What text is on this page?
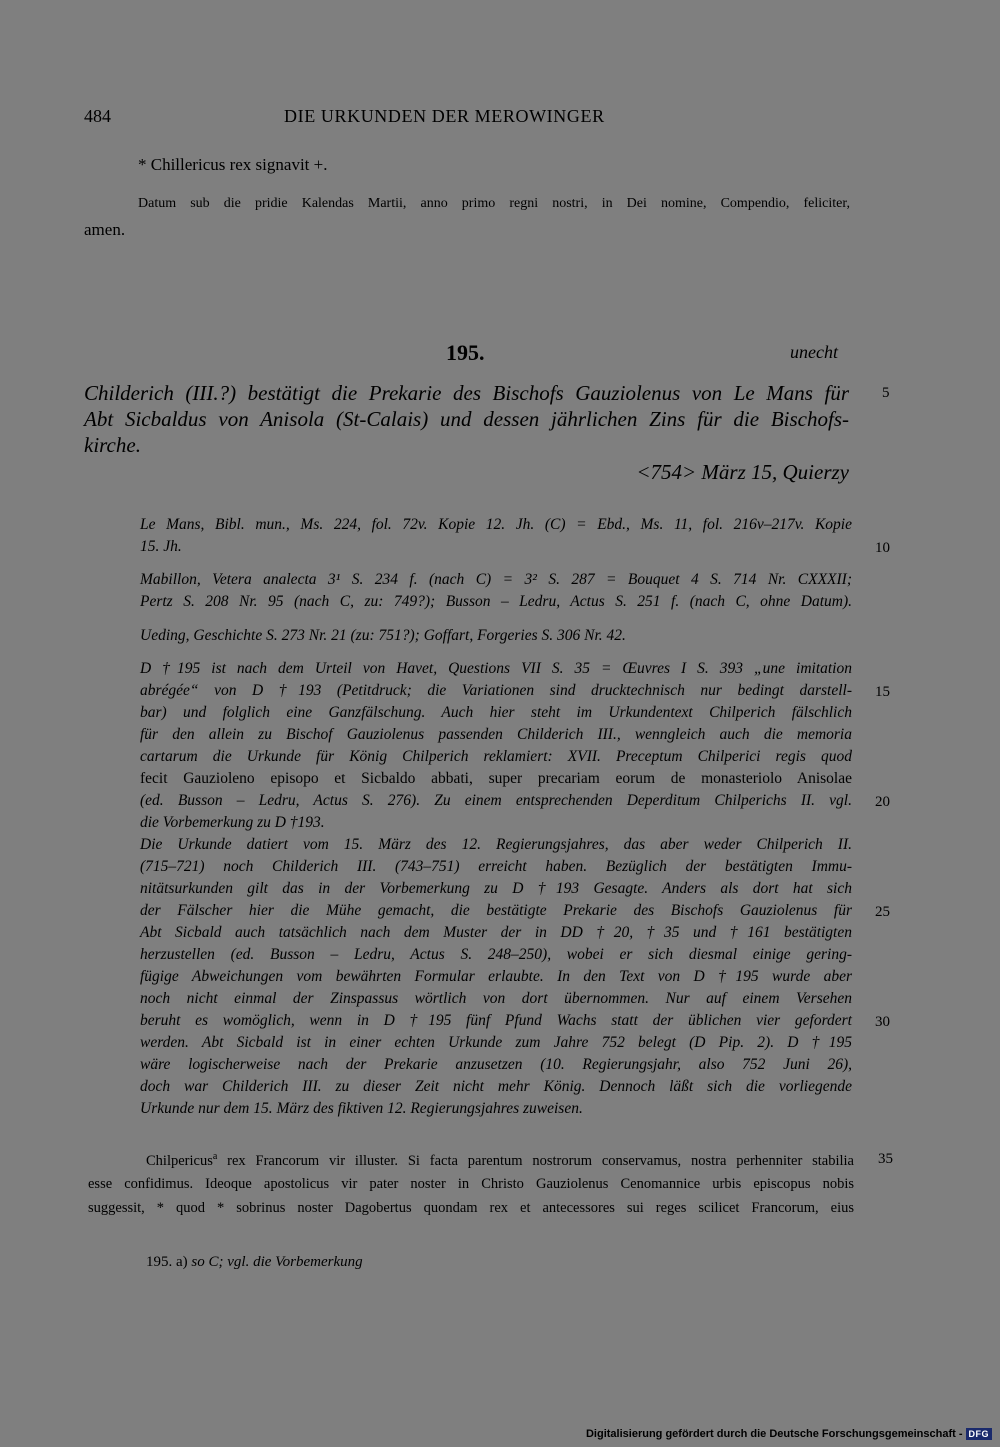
484	DIE URKUNDEN DER MEROWINGER
* Chillericus rex signavit +.
Datum sub die pridie Kalendas Martii, anno primo regni nostri, in Dei nomine, Compendio, feliciter,
amen.
195.	unecht
Childerich (III.?) bestätigt die Prekarie des Bischofs Gauziolenus von Le Mans für
Abt Sicbaldus von Anisola (St-Calais) und dessen jährlichen Zins für die Bischofs-
kirche.
<754> März 15, Quierzy
Le Mans, Bibl. mun., Ms. 224, fol. 72v. Kopie 12. Jh. (C) = Ebd., Ms. 11, fol. 216v–217v. Kopie
15. Jh.
Mabillon, Vetera analecta 3¹ S. 234 f. (nach C) = 3² S. 287 = Bouquet 4 S. 714 Nr. CXXXII;
Pertz S. 208 Nr. 95 (nach C, zu: 749?); Busson – Ledru, Actus S. 251 f. (nach C, ohne Datum).
Ueding, Geschichte S. 273 Nr. 21 (zu: 751?); Goffart, Forgeries S. 306 Nr. 42.
D †195 ist nach dem Urteil von Havet, Questions VII S. 35 = Œuvres I S. 393 „une imitation
abrégée“ von D †193 (Petitdruck; die Variationen sind drucktechnisch nur bedingt darstell-
bar) und folglich eine Ganzfälschung. Auch hier steht im Urkundentext Chilperich fälschlich
für den allein zu Bischof Gauziolenus passenden Childerich III., wenngleich auch die memoria
cartarum die Urkunde für König Chilperich reklamiert: XVII. Preceptum Chilperici regis quod
fecit Gauzioleno episopo et Sicbaldo abbati, super precariam eorum de monasteriolo Anisolae
(ed. Busson – Ledru, Actus S. 276). Zu einem entsprechenden Deperditum Chilperichs II. vgl.
die Vorbemerkung zu D †193.
Die Urkunde datiert vom 15. März des 12. Regierungsjahres, das aber weder Chilperich II.
(715–721) noch Childerich III. (743–751) erreicht haben. Bezüglich der bestätigten Immu-
nitätsurkunden gilt das in der Vorbemerkung zu D †193 Gesagte. Anders als dort hat sich
der Fälscher hier die Mühe gemacht, die bestätigte Prekarie des Bischofs Gauziolenus für
Abt Sicbald auch tatsächlich nach dem Muster der in DD †20, †35 und †161 bestätigten
herzustellen (ed. Busson – Ledru, Actus S. 248–250), wobei er sich diesmal einige gering-
fügige Abweichungen vom bewährten Formular erlaubte. In den Text von D †195 wurde aber
noch nicht einmal der Zinspassus wörtlich von dort übernommen. Nur auf einem Versehen
beruht es womöglich, wenn in D †195 fünf Pfund Wachs statt der üblichen vier gefordert
werden. Abt Sicbald ist in einer echten Urkunde zum Jahre 752 belegt (D Pip. 2). D †195
wäre logischerweise nach der Prekarie anzusetzen (10. Regierungsjahr, also 752 Juni 26),
doch war Childerich III. zu dieser Zeit nicht mehr König. Dennoch läßt sich die vorliegende
Urkunde nur dem 15. März des fiktiven 12. Regierungsjahres zuweisen.
Chilpericus$^a$ rex Francorum vir illuster. Si facta parentum nostrorum conservamus, nostra perhenniter stabilia
esse confidimus. Ideoque apostolicus vir pater noster in Christo Gauziolenus Cenomannice urbis episcopus nobis
suggessit, * quod * sobrinus noster Dagobertus quondam rex et antecessores sui reges scilicet Francorum, eius
195. a) so C; vgl. die Vorbemerkung
5
10
15
20
25
30
35
Digitalisierung gefördert durch die Deutsche Forschungsgemeinschaft - DFG
